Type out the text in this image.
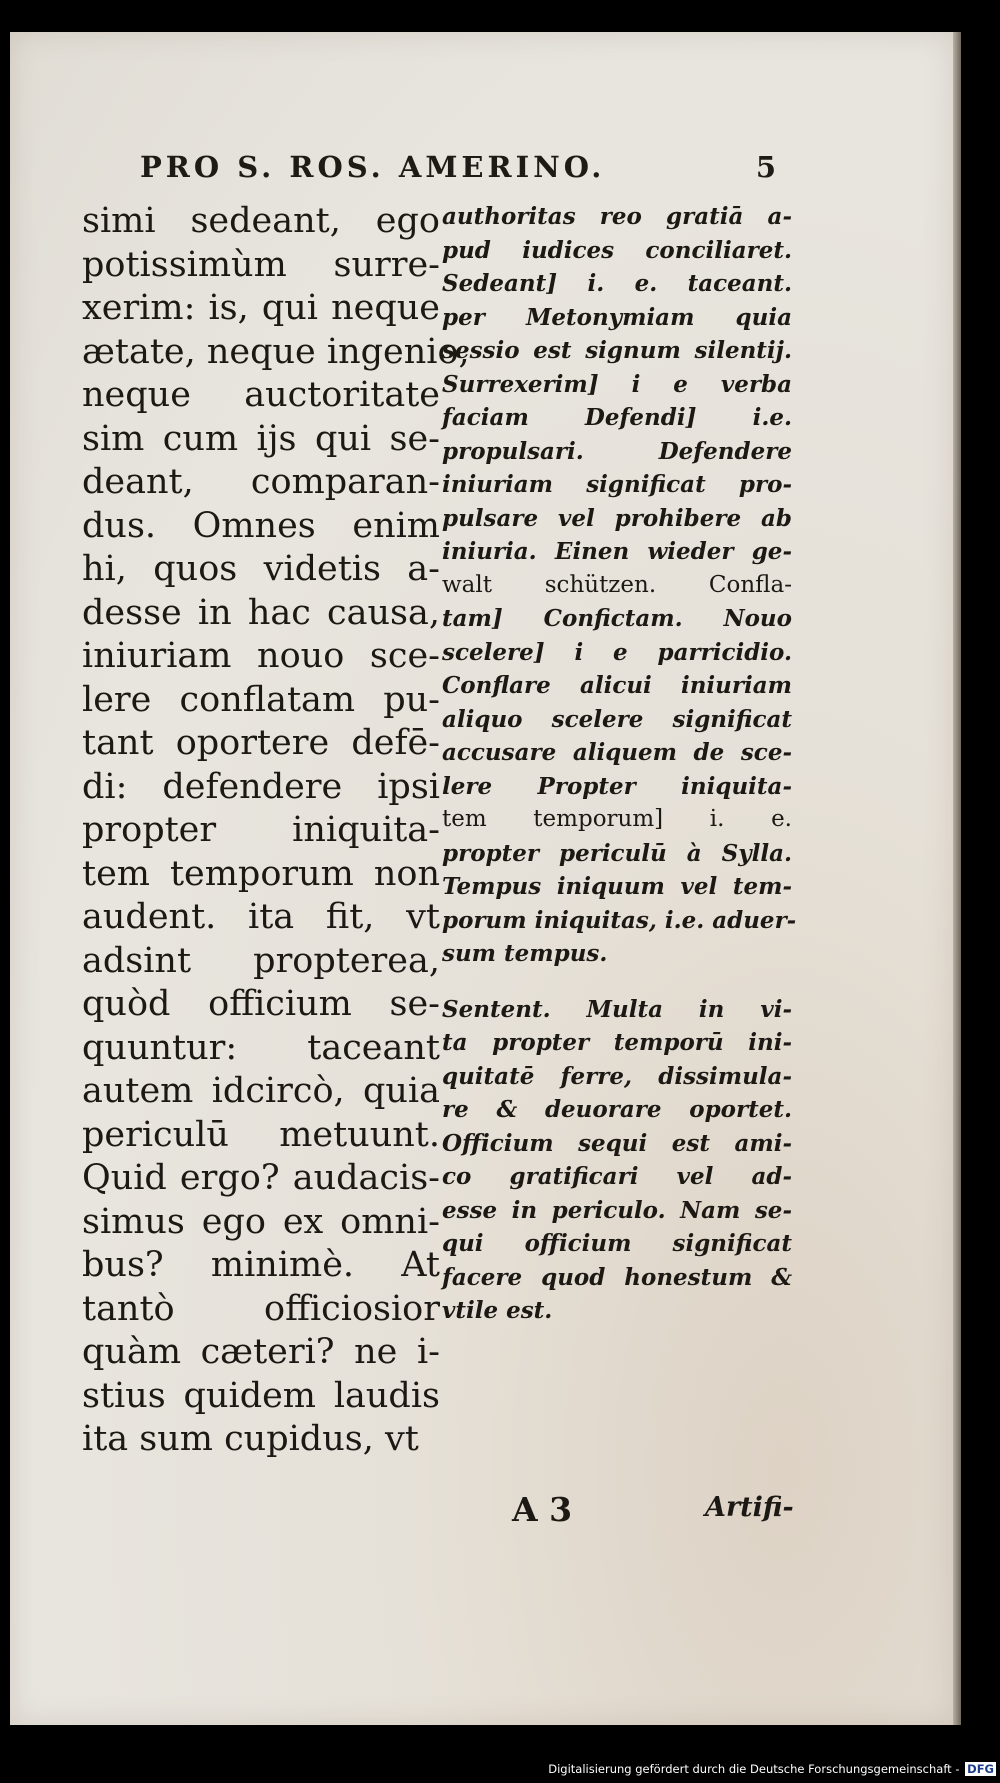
PRO S. ROS. AMERINO.	5
simi sedeant, ego
potissimùm surre-
xerim: is, qui neque
ætate, neque ingenio,
neque auctoritate
sim cum ijs qui se-
deant, comparan-
dus. Omnes enim
hi, quos videtis a-
desse in hac causa,
iniuriam nouo sce-
lere conflatam pu-
tant oportere defē-
di: defendere ipsi
propter iniquita-
tem temporum non
audent. ita fit, vt
adsint propterea,
quòd officium se-
quuntur: taceant
autem idcircò, quia
periculū metuunt.
Quid ergo? audacis-
simus ego ex omni-
bus? minimè. At
tantò officiosior
quàm cæteri? ne i-
stius quidem laudis
ita sum cupidus, vt
authoritas reo gratiā a-
pud iudices conciliaret.
Sedeant] i. e. taceant.
per Metonymiam quia
sessio est signum silentij.
Surrexerim] i e verba
faciam Defendi] i.e.
propulsari. Defendere
iniuriam significat pro-
pulsare vel prohibere ab
iniuria. Einen wieder ge-
walt schützen. Confla-
tam] Confictam. Nouo
scelere] i e parricidio.
Conflare alicui iniuriam
aliquo scelere significat
accusare aliquem de sce-
lere Propter iniquita-
tem temporum] i. e.
propter periculū à Sylla.
Tempus iniquum vel tem-
porum iniquitas, i.e. aduer-
sum tempus.
Sentent. Multa in vi-
ta propter temporū ini-
quitatē ferre, dissimula-
re & deuorare oportet.
Officium sequi est ami-
co gratificari vel ad-
esse in periculo. Nam se-
qui officium significat
facere quod honestum &
vtile est.
A 3	Artifi-
Digitalisierung gefördert durch die Deutsche Forschungsgemeinschaft - DFG
